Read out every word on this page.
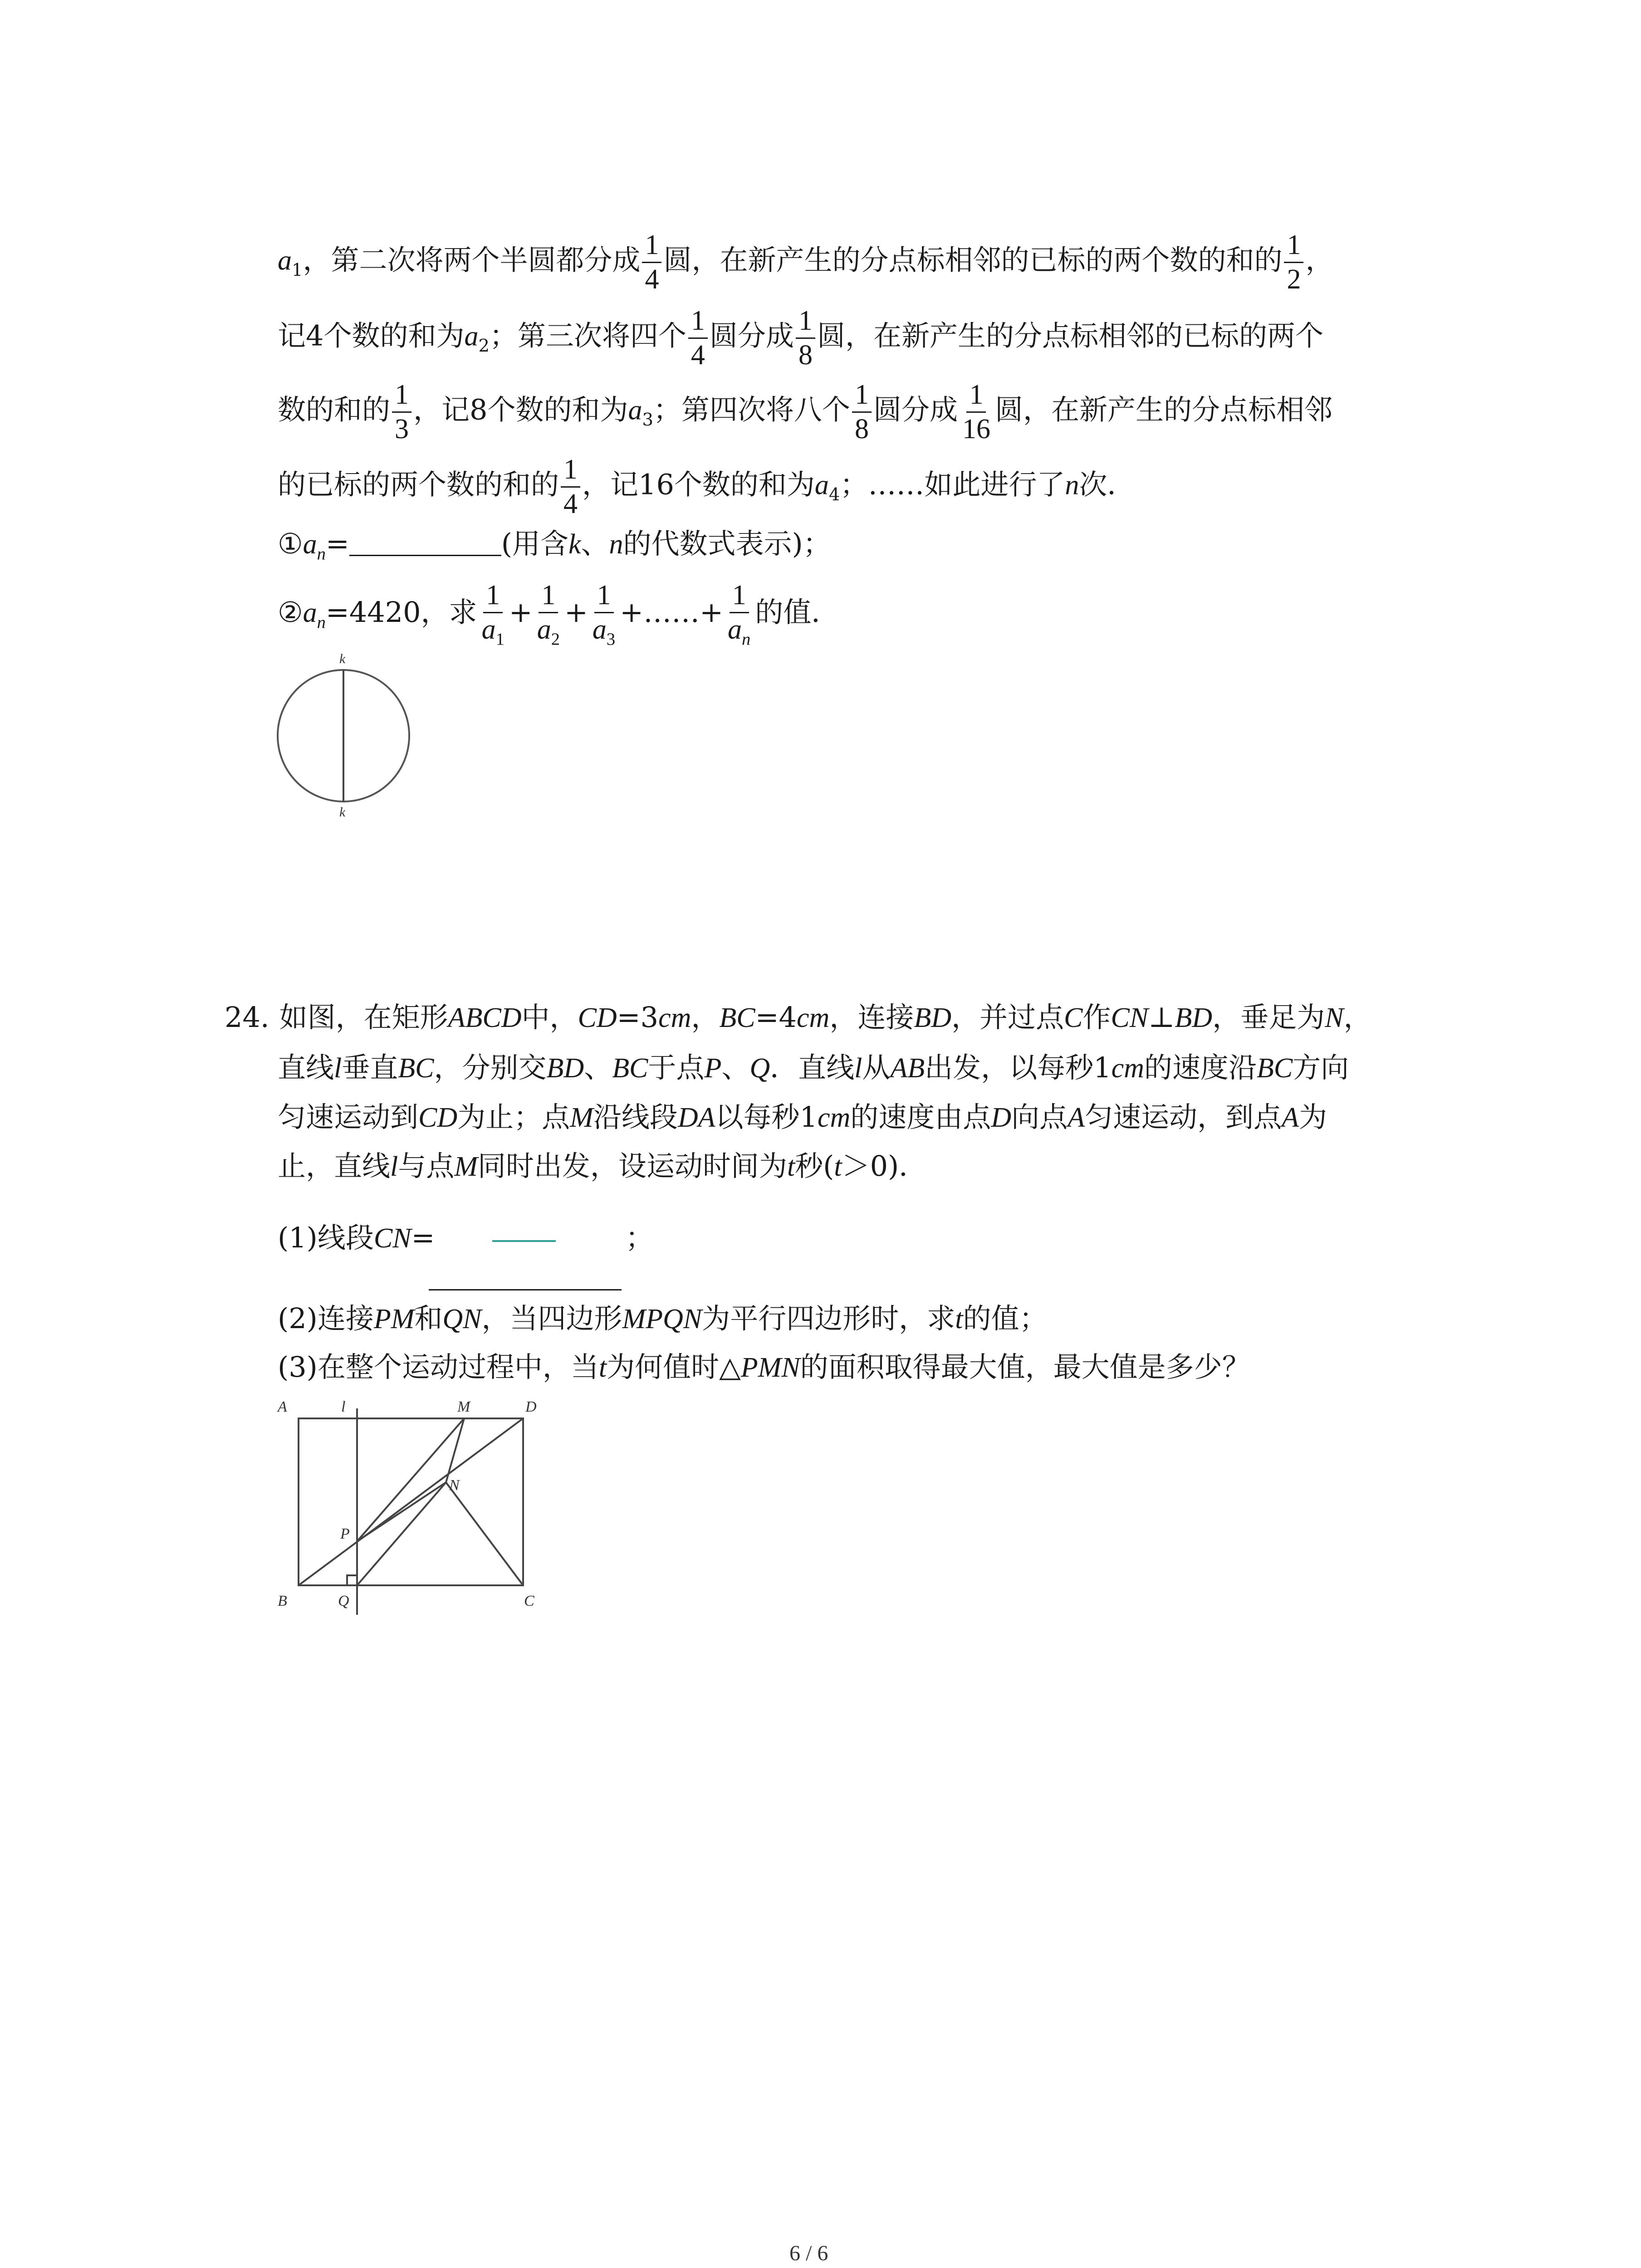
$a_1$，第二次将两个半圆都分成 $\frac{1}{4}$ 圆，在新产生的分点标相邻的已标的两个数的和的 $\frac{1}{2}$ ，
记4个数的和为$a_2$；第三次将四个 $\frac{1}{4}$ 圆分成 $\frac{1}{8}$ 圆，在新产生的分点标相邻的已标的两个
数的和的 $\frac{1}{3}$ ，记8个数的和为$a_3$；第四次将八个 $\frac{1}{8}$ 圆分成 $\frac{1}{16}$ 圆，在新产生的分点标相邻
的已标的两个数的和的 $\frac{1}{4}$ ，记16个数的和为$a_4$；……如此进行了n次．
$①a_n=$	(用含k、n的代数式表示)；
$②a_n=4420$，求 $\frac{1}{a_1} + \frac{1}{a_2} + \frac{1}{a_3}$ +……+ $\frac{1}{a_n}$ 的值．
k
k
24. 如图，在矩形ABCD中，CD=3cm，BC=4cm，连接BD，并过点C作CN⊥BD，垂足为N，
直线l垂直BC，分别交BD、BC于点P、Q．直线l从AB出发，以每秒1cm的速度沿BC方向
匀速运动到CD为止；点M沿线段DA以每秒1cm的速度由点D向点A匀速运动，到点A为
止，直线l与点M同时出发，设运动时间为t秒(t＞0)．
(1)线段CN=	；
(2)连接PM和QN，当四边形MPQN为平行四边形时，求t的值；
(3)在整个运动过程中，当t为何值时△PMN的面积取得最大值，最大值是多少？
A	l	M	D
N
P
B	Q	C
6 / 6
